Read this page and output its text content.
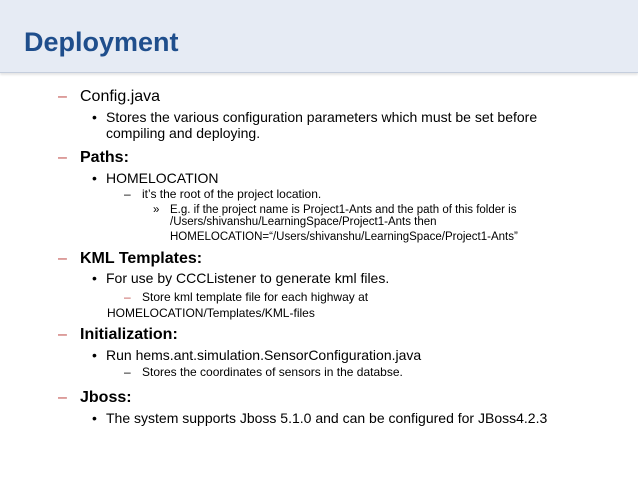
Deployment
– Config.java
• Stores the various configuration parameters which must be set before
compiling and deploying.
– Paths:
• HOMELOCATION
– it’s the root of the project location.
» E.g. if the project name is Project1-Ants and the path of this folder is
/Users/shivanshu/LearningSpace/Project1-Ants then
HOMELOCATION=“/Users/shivanshu/LearningSpace/Project1-Ants”
– KML Templates:
• For use by CCCListener to generate kml files.
– Store kml template file for each highway at
HOMELOCATION/Templates/KML-files
– Initialization:
• Run hems.ant.simulation.SensorConfiguration.java
– Stores the coordinates of sensors in the databse.
– Jboss:
• The system supports Jboss 5.1.0 and can be configured for JBoss4.2.3
